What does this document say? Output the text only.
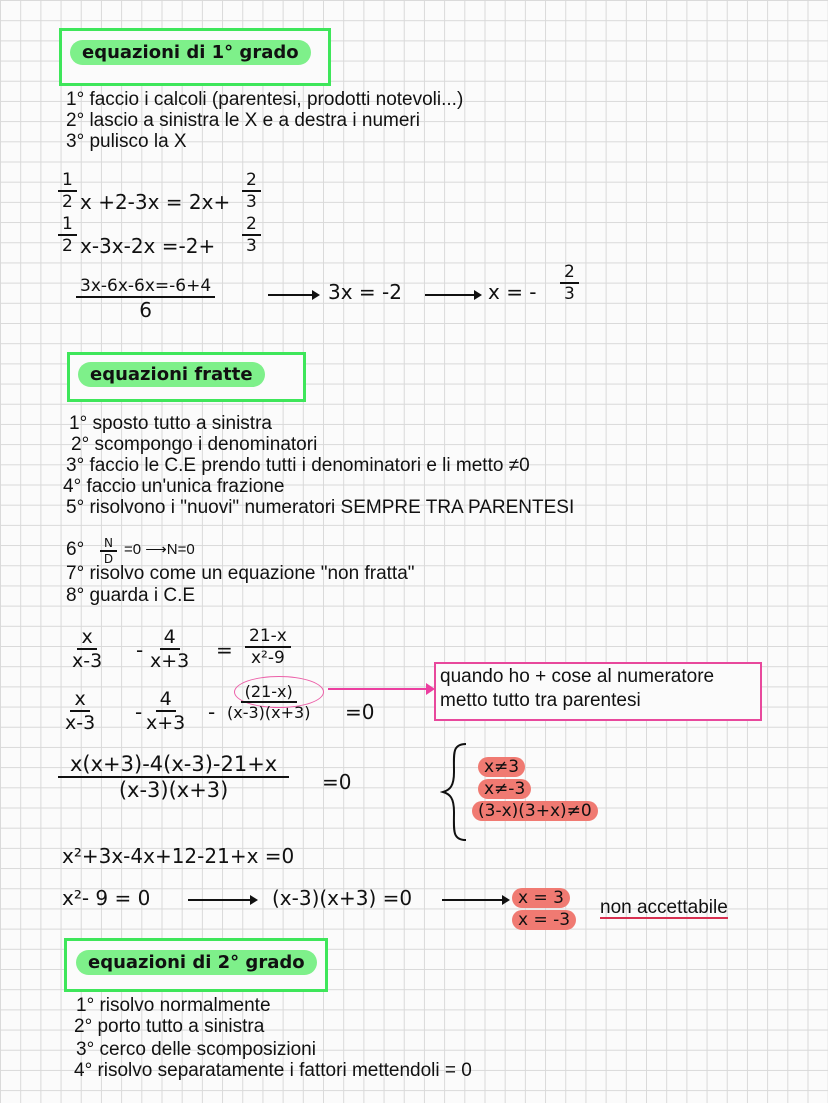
equazioni di 1° grado
1° faccio i calcoli (parentesi, prodotti notevoli...)
2° lascio a sinistra le X e a destra i numeri
3° pulisco la X
1
2 x +2-3x = 2x+
2
3
1
2 x-3x-2x =-2+
2
3
3x-6x-6x=-6+4
6
3x = -2	x = -
2
3
equazioni fratte
1° sposto tutto a sinistra
2° scompongo i denominatori
3° faccio le C.E prendo tutti i denominatori e li metto ≠0
4° faccio un'unica frazione
5° risolvono i "nuovi" numeratori SEMPRE TRA PARENTESI
6°	N
D
=0 ⟶N=0
7° risolvo come un equazione "non fratta"
8° guarda i C.E
x
x-3 -
4
x+3 =
21-x
x²-9
x
x-3 -
4
x+3 -
(21-x)
(x-3)(x+3) =0
quando ho + cose al numeratore
metto tutto tra parentesi
x(x+3)-4(x-3)-21+x
(x-3)(x+3)	=0
x≠3
x≠-3
(3-x)(3+x)≠0
x²+3x-4x+12-21+x =0
x²- 9 = 0	(x-3)(x+3) =0	x = 3
x = -3
non accettabile
equazioni di 2° grado
1° risolvo normalmente
2° porto tutto a sinistra
3° cerco delle scomposizioni
4° risolvo separatamente i fattori mettendoli = 0
